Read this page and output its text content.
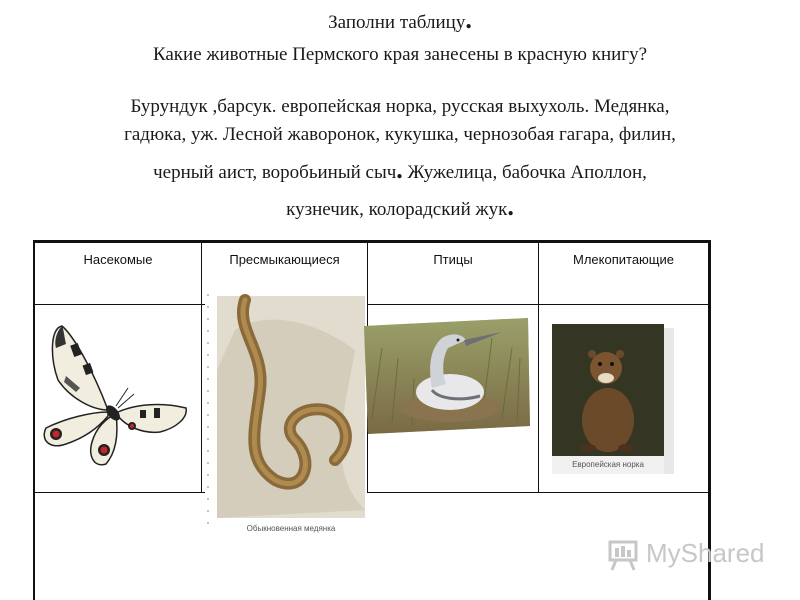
Заполни таблицу.
Какие животные Пермского края занесены в красную книгу?
Бурундук ,барсук. европейская норка, русская выхухоль. Медянка,
гадюка, уж. Лесной жаворонок, кукушка, чернозобая гагара, филин,
черный аист, воробьиный сыч. Жужелица, бабочка Аполлон,
кузнечик, колорадский жук.
Насекомые	Пресмыкающиеся	Птицы	Млекопитающие
Обыкновенная медянка
Европейская норка
MyShared
